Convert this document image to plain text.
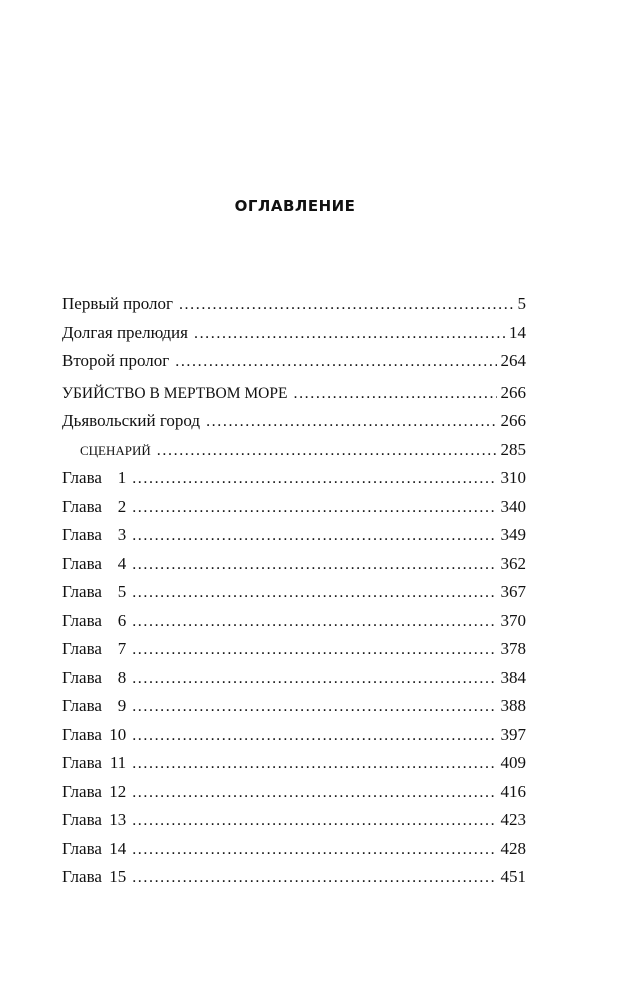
ОГЛАВЛЕНИЕ
Первый пролог .....	5
Долгая прелюдия .....	14
Второй пролог .....	264
УБИЙСТВО В МЕРТВОМ МОРЕ .....	266
Дьявольский город .....	266
СЦЕНАРИЙ .....	285
Глава 1 .....	310
Глава 2 .....	340
Глава 3 .....	349
Глава 4 .....	362
Глава 5 .....	367
Глава 6 .....	370
Глава 7 .....	378
Глава 8 .....	384
Глава 9 .....	388
Глава 10 .....	397
Глава 11 .....	409
Глава 12 .....	416
Глава 13 .....	423
Глава 14 .....	428
Глава 15 .....	451
